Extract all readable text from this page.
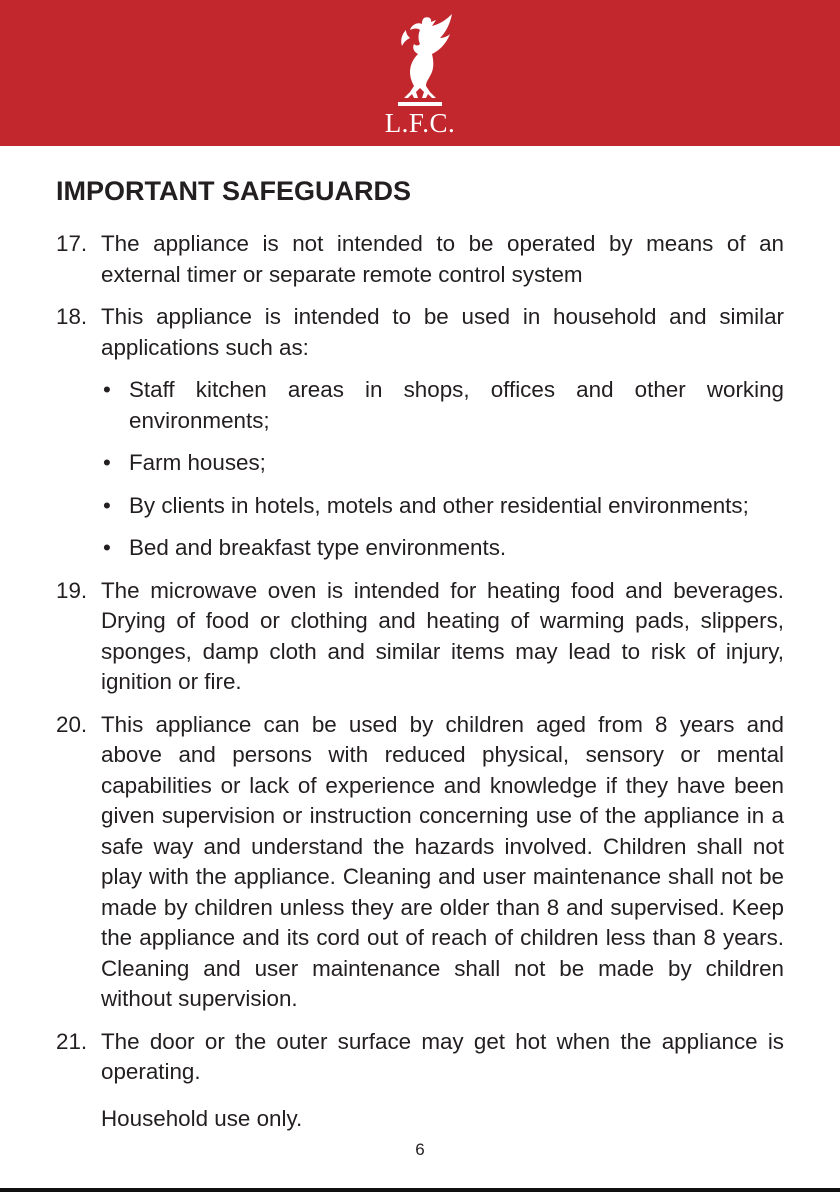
L.F.C.
IMPORTANT SAFEGUARDS
17. The appliance is not intended to be operated by means of an external timer or separate remote control system

18. This appliance is intended to be used in household and similar applications such as:

• Staff kitchen areas in shops, offices and other working environments;
• Farm houses;
• By clients in hotels, motels and other residential environments;
• Bed and breakfast type environments.
19. The microwave oven is intended for heating food and beverages. Drying of food or clothing and heating of warming pads, slippers, sponges, damp cloth and similar items may lead to risk of injury, ignition or fire.

20. This appliance can be used by children aged from 8 years and above and persons with reduced physical, sensory or mental capabilities or lack of experience and knowledge if they have been given supervision or instruction concerning use of the appliance in a safe way and understand the hazards involved. Children shall not play with the appliance. Cleaning and user maintenance shall not be made by children unless they are older than 8 and supervised. Keep the appliance and its cord out of reach of children less than 8 years. Cleaning and user maintenance shall not be made by children without supervision.

21. The door or the outer surface may get hot when the appliance is operating.

Household use only.

6
